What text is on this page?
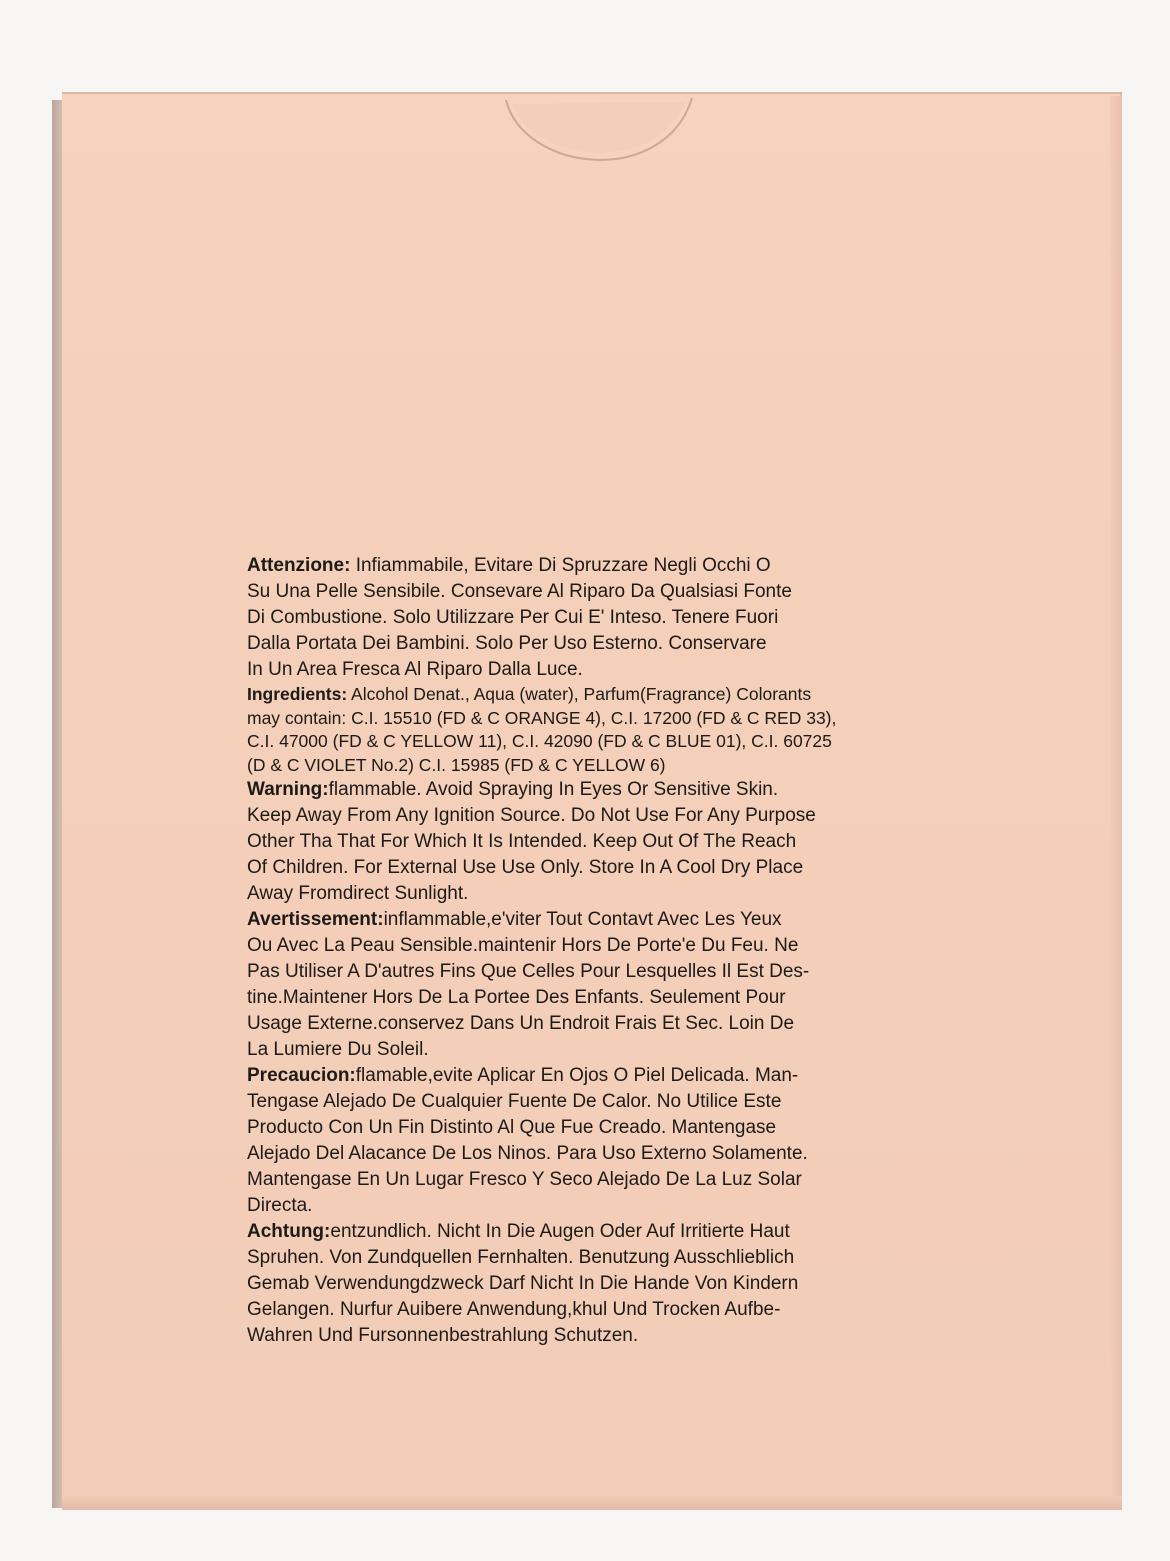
Attenzione: Infiammabile, Evitare Di Spruzzare Negli Occhi O
Su Una Pelle Sensibile. Consevare Al Riparo Da Qualsiasi Fonte
Di Combustione. Solo Utilizzare Per Cui E' Inteso. Tenere Fuori
Dalla Portata Dei Bambini. Solo Per Uso Esterno. Conservare
In Un Area Fresca Al Riparo Dalla Luce.

Ingredients: Alcohol Denat., Aqua (water), Parfum(Fragrance) Colorants
may contain: C.I. 15510 (FD & C ORANGE 4), C.I. 17200 (FD & C RED 33),
C.I. 47000 (FD & C YELLOW 11), C.I. 42090 (FD & C BLUE 01), C.I. 60725
(D & C VIOLET No.2) C.I. 15985 (FD & C YELLOW 6)

Warning:flammable. Avoid Spraying In Eyes Or Sensitive Skin.
Keep Away From Any Ignition Source. Do Not Use For Any Purpose
Other Tha That For Which It Is Intended. Keep Out Of The Reach
Of Children. For External Use Use Only. Store In A Cool Dry Place
Away Fromdirect Sunlight.

Avertissement:inflammable,e'viter Tout Contavt Avec Les Yeux
Ou Avec La Peau Sensible.maintenir Hors De Porte'e Du Feu. Ne
Pas Utiliser A D'autres Fins Que Celles Pour Lesquelles Il Est Des-
tine.Maintener Hors De La Portee Des Enfants. Seulement Pour
Usage Externe.conservez Dans Un Endroit Frais Et Sec. Loin De
La Lumiere Du Soleil.

Precaucion:flamable,evite Aplicar En Ojos O Piel Delicada. Man-
Tengase Alejado De Cualquier Fuente De Calor. No Utilice Este
Producto Con Un Fin Distinto Al Que Fue Creado. Mantengase
Alejado Del Alacance De Los Ninos. Para Uso Externo Solamente.
Mantengase En Un Lugar Fresco Y Seco Alejado De La Luz Solar
Directa.

Achtung:entzundlich. Nicht In Die Augen Oder Auf Irritierte Haut
Spruhen. Von Zundquellen Fernhalten. Benutzung Ausschlieblich
Gemab Verwendungdzweck Darf Nicht In Die Hande Von Kindern
Gelangen. Nurfur Auibere Anwendung,khul Und Trocken Aufbe-
Wahren Und Fursonnenbestrahlung Schutzen.
